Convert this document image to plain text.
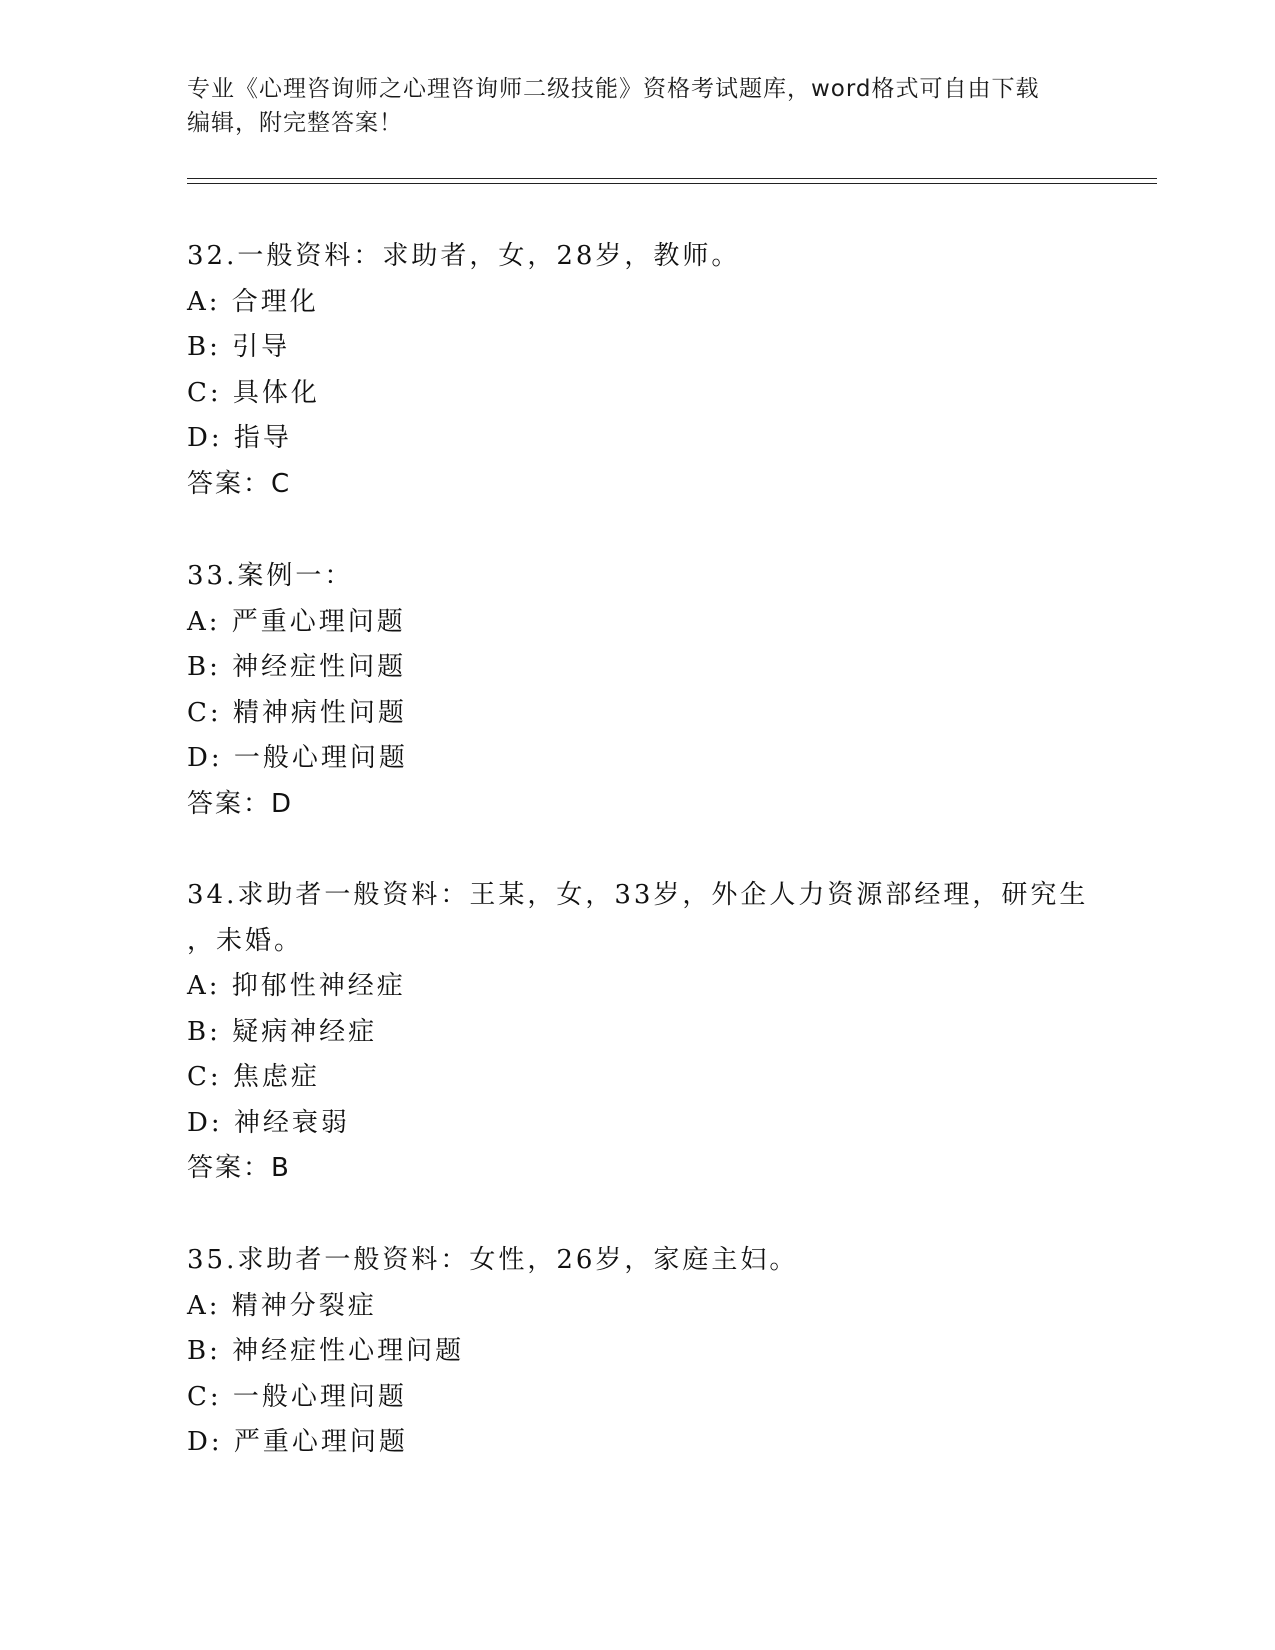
专业《心理咨询师之心理咨询师二级技能》资格考试题库，word格式可自由下载
编辑，附完整答案！
32.一般资料：求助者，女，28岁，教师。
A: 合理化
B: 引导
C: 具体化
D: 指导
答案：C
33.案例一：
A: 严重心理问题
B: 神经症性问题
C: 精神病性问题
D: 一般心理问题
答案：D
34.求助者一般资料：王某，女，33岁，外企人力资源部经理，研究生
，未婚。
A: 抑郁性神经症
B: 疑病神经症
C: 焦虑症
D: 神经衰弱
答案：B
35.求助者一般资料：女性，26岁，家庭主妇。
A: 精神分裂症
B: 神经症性心理问题
C: 一般心理问题
D: 严重心理问题
